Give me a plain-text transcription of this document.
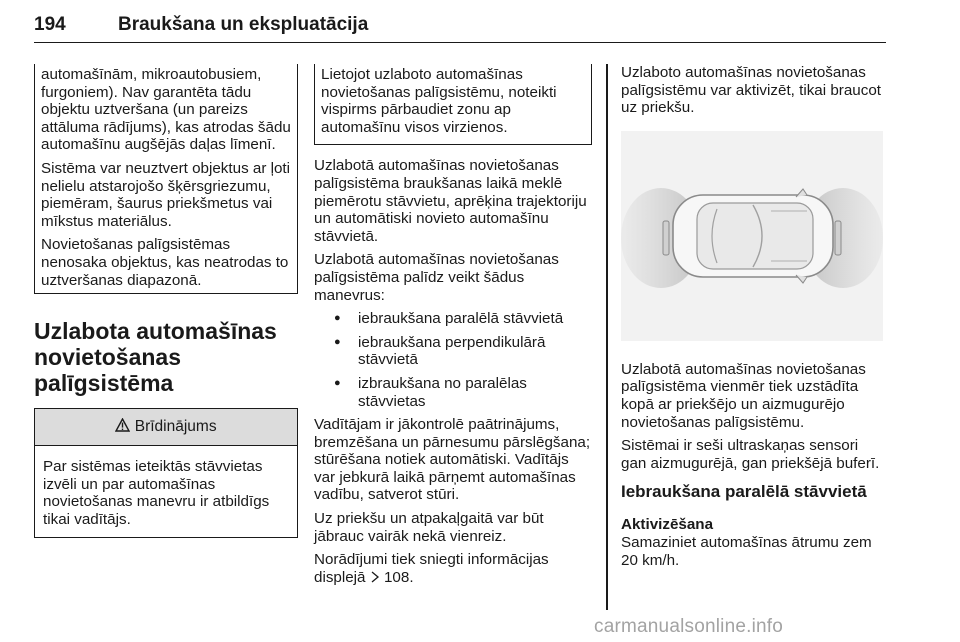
194	Braukšana un ekspluatācija

automašīnām, mikroautobusiem, furgoniem). Nav garantēta tādu objektu uztveršana (un pareizs attāluma rādījums), kas atrodas šādu automašīnu augšējās daļas līmenī.

Sistēma var neuztvert objektus ar ļoti nelielu atstarojošo šķērsgriezumu, piemēram, šaurus priekšmetus vai mīkstus materiālus.

Novietošanas palīgsistēmas nenosaka objektus, kas neatrodas to uztveršanas diapazonā.

Uzlabota automašīnas novietošanas palīgsistēma
Brīdinājums

Par sistēmas ieteiktās stāvvietas izvēli un par automašīnas novietošanas manevru ir atbildīgs tikai vadītājs.

Lietojot uzlaboto automašīnas novietošanas palīgsistēmu, noteikti vispirms pārbaudiet zonu ap automašīnu visos virzienos.

Uzlabotā automašīnas novietošanas palīgsistēma braukšanas laikā meklē piemērotu stāvvietu, aprēķina trajektoriju un automātiski novieto automašīnu stāvvietā.

Uzlabotā automašīnas novietošanas palīgsistēma palīdz veikt šādus manevrus:

● iebraukšana paralēlā stāvvietā
● iebraukšana perpendikulārā stāvvietā
● izbraukšana no paralēlas stāvvietas

Vadītājam ir jākontrolē paātrinājums, bremzēšana un pārnesumu pārslēgšana; stūrēšana notiek automātiski. Vadītājs var jebkurā laikā pārņemt automašīnas vadību, satverot stūri.

Uz priekšu un atpakaļgaitā var būt jābrauc vairāk nekā vienreiz.

Norādījumi tiek sniegti informācijas displejā 108.

Uzlaboto automašīnas novietošanas palīgsistēmu var aktivizēt, tikai braucot uz priekšu.

Uzlabotā automašīnas novietošanas palīgsistēma vienmēr tiek uzstādīta kopā ar priekšējo un aizmugurējo novietošanas palīgsistēmu.

Sistēmai ir seši ultraskaņas sensori gan aizmugurējā, gan priekšējā buferī.

Iebraukšana paralēlā stāvvietā
Aktivizēšana

Samaziniet automašīnas ātrumu zem 20 km/h.

carmanualsonline.info
